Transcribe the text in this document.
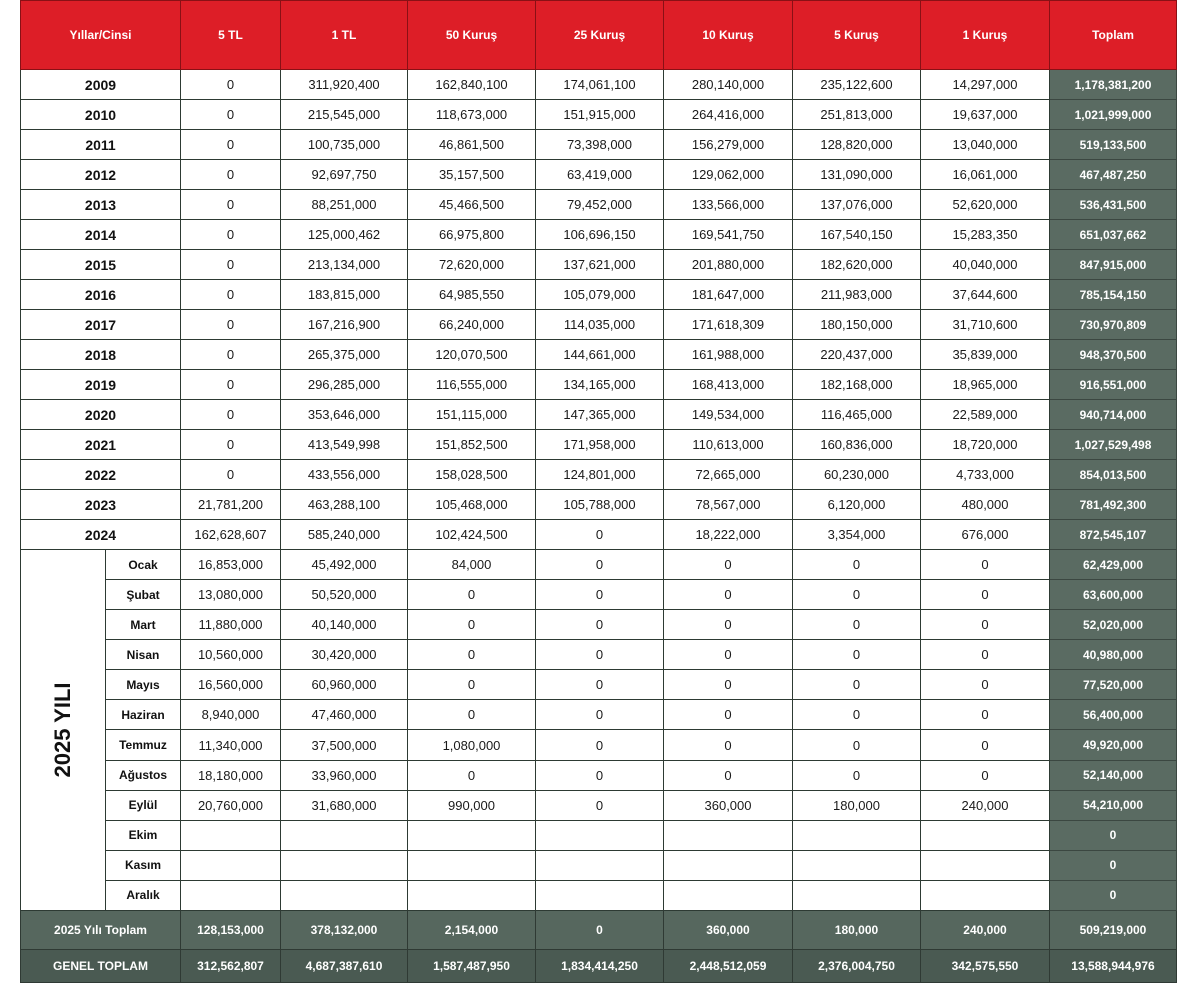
Yıllar/Cinsi		5 TL	1 TL	50 Kuruş	25 Kuruş	10 Kuruş	5 Kuruş	1 Kuruş	Toplam
2009		0	311,920,400	162,840,100	174,061,100	280,140,000	235,122,600	14,297,000	1,178,381,200
2010		0	215,545,000	118,673,000	151,915,000	264,416,000	251,813,000	19,637,000	1,021,999,000
2011		0	100,735,000	46,861,500	73,398,000	156,279,000	128,820,000	13,040,000	519,133,500
2012		0	92,697,750	35,157,500	63,419,000	129,062,000	131,090,000	16,061,000	467,487,250
2013		0	88,251,000	45,466,500	79,452,000	133,566,000	137,076,000	52,620,000	536,431,500
2014		0	125,000,462	66,975,800	106,696,150	169,541,750	167,540,150	15,283,350	651,037,662
2015		0	213,134,000	72,620,000	137,621,000	201,880,000	182,620,000	40,040,000	847,915,000
2016		0	183,815,000	64,985,550	105,079,000	181,647,000	211,983,000	37,644,600	785,154,150
2017		0	167,216,900	66,240,000	114,035,000	171,618,309	180,150,000	31,710,600	730,970,809
2018		0	265,375,000	120,070,500	144,661,000	161,988,000	220,437,000	35,839,000	948,370,500
2019		0	296,285,000	116,555,000	134,165,000	168,413,000	182,168,000	18,965,000	916,551,000
2020		0	353,646,000	151,115,000	147,365,000	149,534,000	116,465,000	22,589,000	940,714,000
2021		0	413,549,998	151,852,500	171,958,000	110,613,000	160,836,000	18,720,000	1,027,529,498
2022		0	433,556,000	158,028,500	124,801,000	72,665,000	60,230,000	4,733,000	854,013,500
2023		21,781,200	463,288,100	105,468,000	105,788,000	78,567,000	6,120,000	480,000	781,492,300
2024		162,628,607	585,240,000	102,424,500	0	18,222,000	3,354,000	676,000	872,545,107

2025 YILI	Ocak	16,853,000	45,492,000	84,000	0	0	0	0	62,429,000
	Şubat	13,080,000	50,520,000	0	0	0	0	0	63,600,000
	Mart	11,880,000	40,140,000	0	0	0	0	0	52,020,000
	Nisan	10,560,000	30,420,000	0	0	0	0	0	40,980,000
	Mayıs	16,560,000	60,960,000	0	0	0	0	0	77,520,000
	Haziran	8,940,000	47,460,000	0	0	0	0	0	56,400,000
	Temmuz	11,340,000	37,500,000	1,080,000	0	0	0	0	49,920,000
	Ağustos	18,180,000	33,960,000	0	0	0	0	0	52,140,000
	Eylül	20,760,000	31,680,000	990,000	0	360,000	180,000	240,000	54,210,000
	Ekim								0
	Kasım								0
	Aralık								0
2025 Yılı Toplam		128,153,000	378,132,000	2,154,000	0	360,000	180,000	240,000	509,219,000
GENEL TOPLAM		312,562,807	4,687,387,610	1,587,487,950	1,834,414,250	2,448,512,059	2,376,004,750	342,575,550	13,588,944,976
